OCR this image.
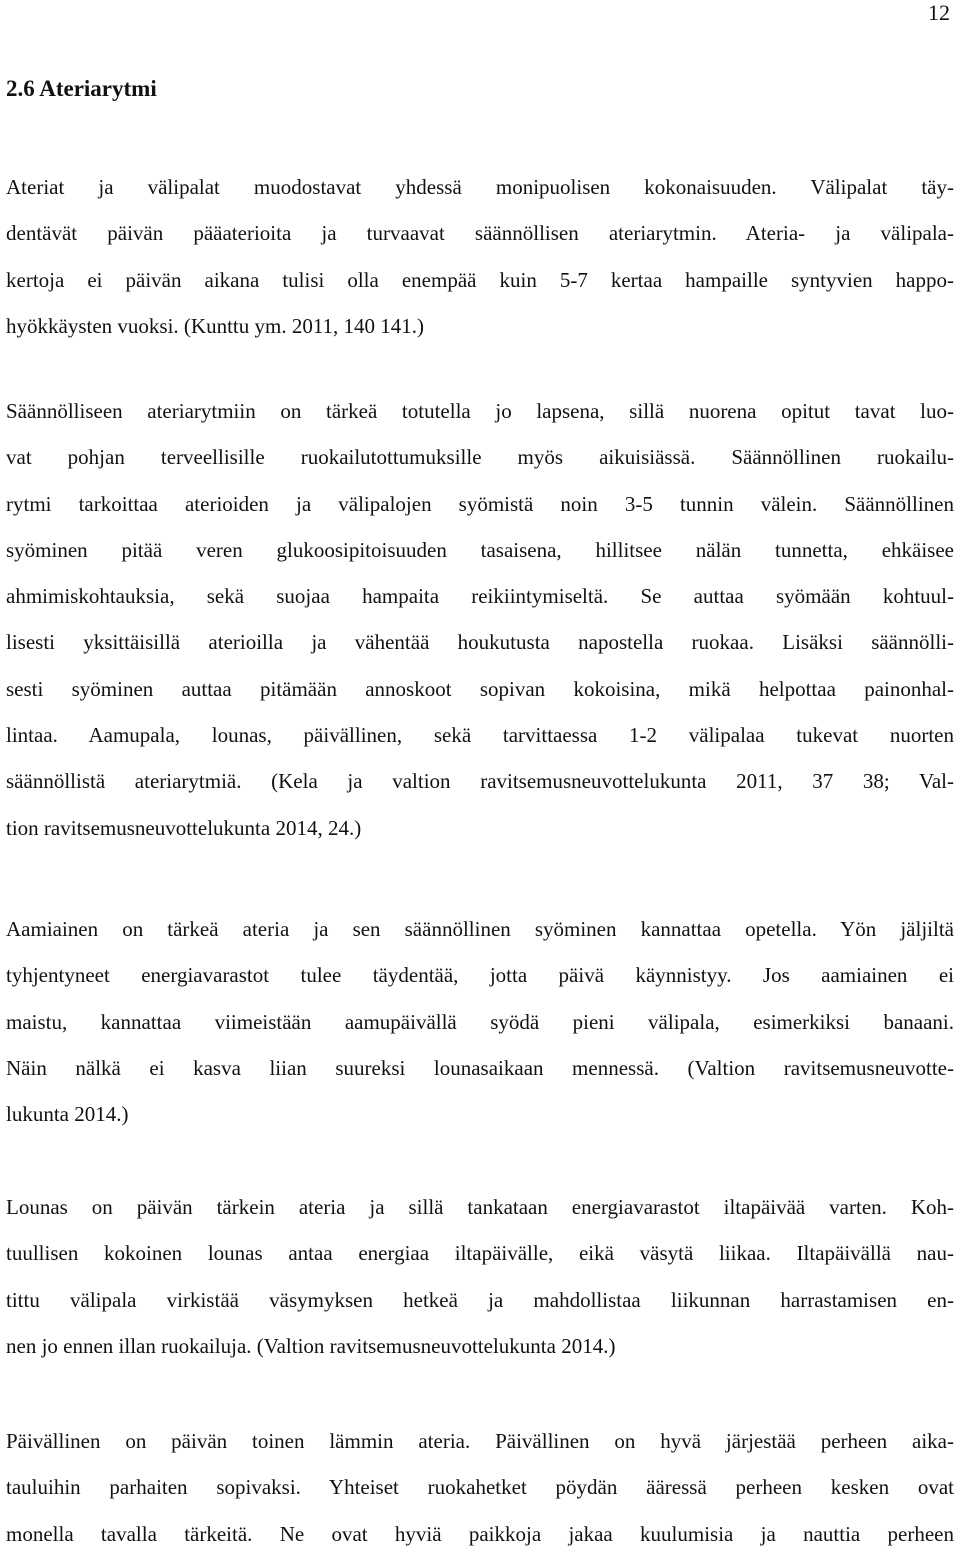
12
2.6 Ateriarytmi
Ateriat ja välipalat muodostavat yhdessä monipuolisen kokonaisuuden. Välipalat täy-
dentävät päivän pääaterioita ja turvaavat säännöllisen ateriarytmin. Ateria- ja välipala-
kertoja ei päivän aikana tulisi olla enempää kuin 5-7 kertaa hampaille syntyvien happo-
hyökkäysten vuoksi. (Kunttu ym. 2011, 140 141.)
Säännölliseen ateriarytmiin on tärkeä totutella jo lapsena, sillä nuorena opitut tavat luo-
vat pohjan terveellisille ruokailutottumuksille myös aikuisiässä. Säännöllinen ruokailu-
rytmi tarkoittaa aterioiden ja välipalojen syömistä noin 3-5 tunnin välein. Säännöllinen
syöminen pitää veren glukoosipitoisuuden tasaisena, hillitsee nälän tunnetta, ehkäisee
ahmimiskohtauksia, sekä suojaa hampaita reikiintymiseltä. Se auttaa syömään kohtuul-
lisesti yksittäisillä aterioilla ja vähentää houkutusta napostella ruokaa. Lisäksi säännölli-
sesti syöminen auttaa pitämään annoskoot sopivan kokoisina, mikä helpottaa painonhal-
lintaa. Aamupala, lounas, päivällinen, sekä tarvittaessa 1-2 välipalaa tukevat nuorten
säännöllistä ateriarytmiä. (Kela ja valtion ravitsemusneuvottelukunta 2011, 37 38; Val-
tion ravitsemusneuvottelukunta 2014, 24.)
Aamiainen on tärkeä ateria ja sen säännöllinen syöminen kannattaa opetella. Yön jäljiltä
tyhjentyneet energiavarastot tulee täydentää, jotta päivä käynnistyy. Jos aamiainen ei
maistu, kannattaa viimeistään aamupäivällä syödä pieni välipala, esimerkiksi banaani.
Näin nälkä ei kasva liian suureksi lounasaikaan mennessä. (Valtion ravitsemusneuvotte-
lukunta 2014.)
Lounas on päivän tärkein ateria ja sillä tankataan energiavarastot iltapäivää varten. Koh-
tuullisen kokoinen lounas antaa energiaa iltapäivälle, eikä väsytä liikaa. Iltapäivällä nau-
tittu välipala virkistää väsymyksen hetkeä ja mahdollistaa liikunnan harrastamisen en-
nen jo ennen illan ruokailuja. (Valtion ravitsemusneuvottelukunta 2014.)
Päivällinen on päivän toinen lämmin ateria. Päivällinen on hyvä järjestää perheen aika-
tauluihin parhaiten sopivaksi. Yhteiset ruokahetket pöydän ääressä perheen kesken ovat
monella tavalla tärkeitä. Ne ovat hyviä paikkoja jakaa kuulumisia ja nauttia perheen
